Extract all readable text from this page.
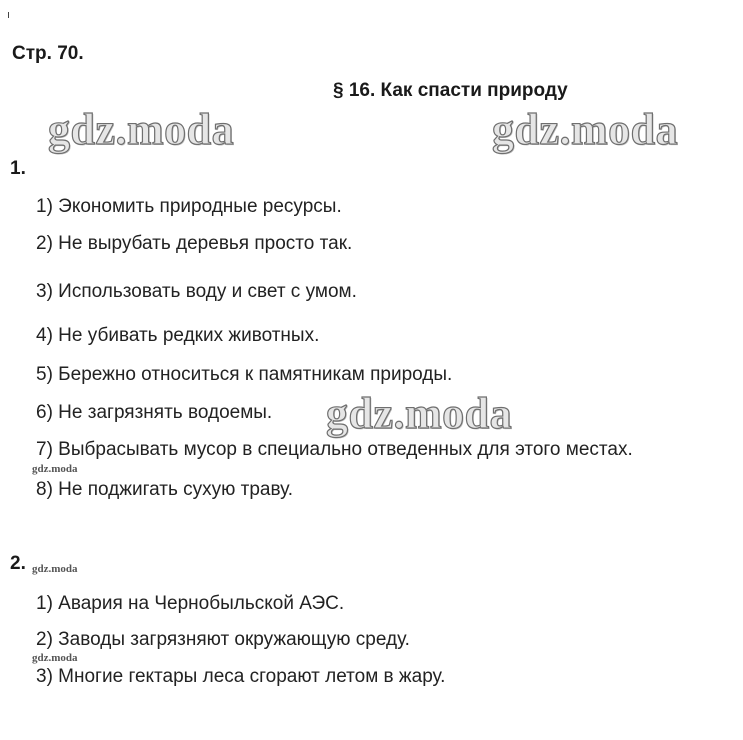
Стр. 70.
§ 16. Как спасти природу
gdz.moda	gdz.moda
gdz.moda
gdz.moda
gdz.moda
gdz.moda
1.
1) Экономить природные ресурсы.
2) Не вырубать деревья просто так.
3) Использовать воду и свет с умом.
4) Не убивать редких животных.
5) Бережно относиться к памятникам природы.
6) Не загрязнять водоемы.
7) Выбрасывать мусор в специально отведенных для этого местах.
8) Не поджигать сухую траву.
2.
1) Авария на Чернобыльской АЭС.
2) Заводы загрязняют окружающую среду.
3) Многие гектары леса сгорают летом в жару.
